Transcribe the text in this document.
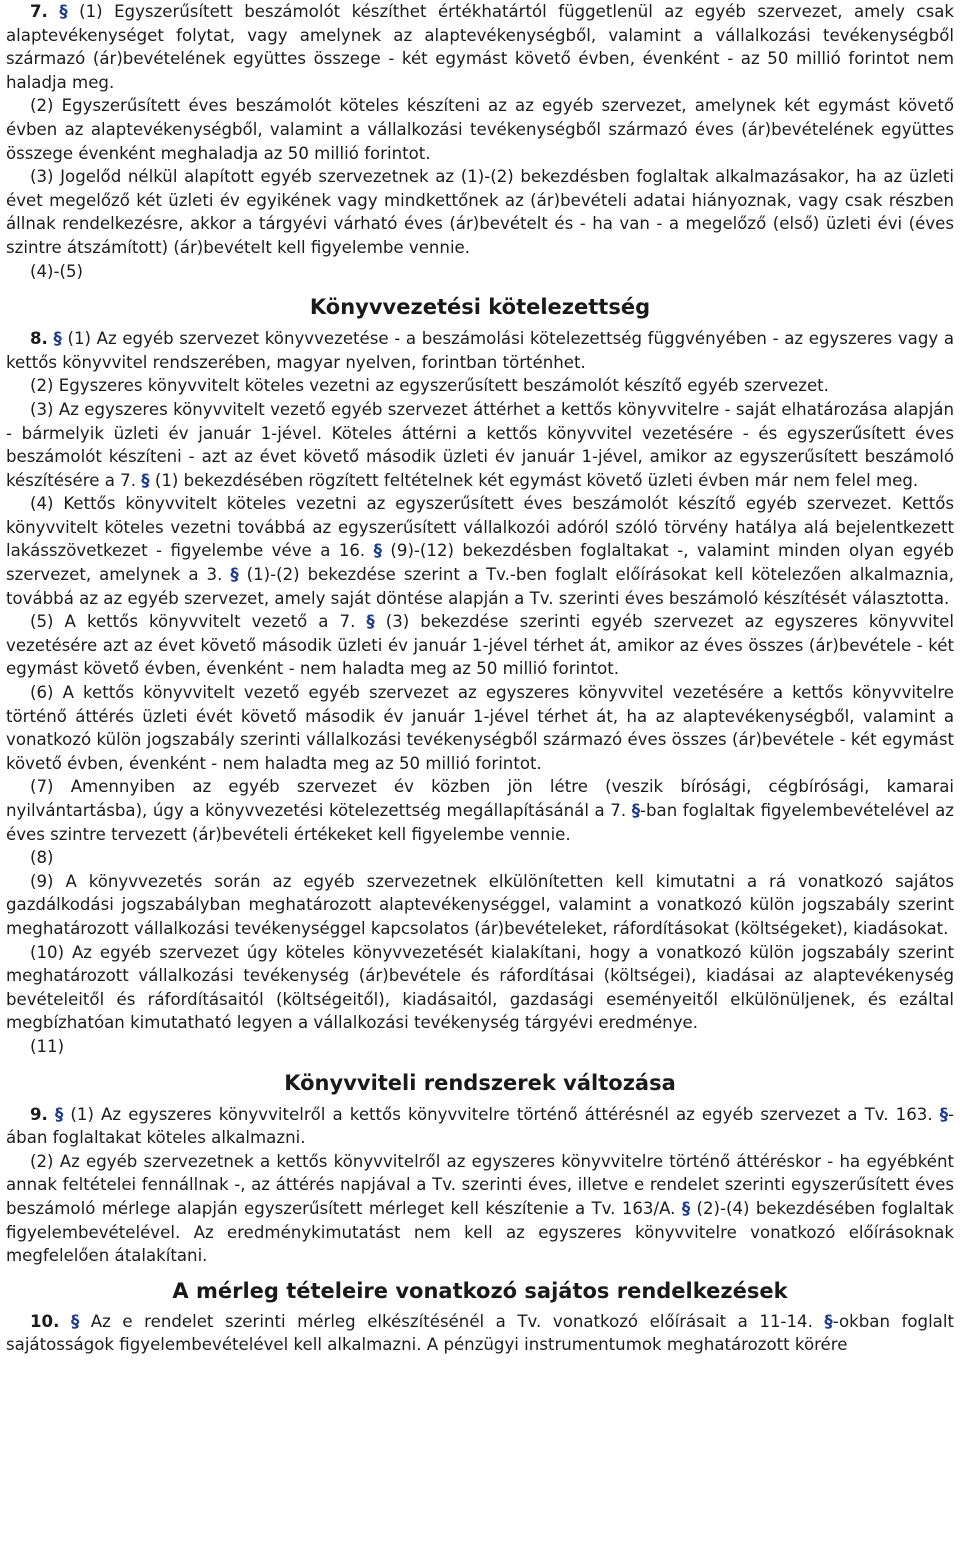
7. § (1) Egyszerűsített beszámolót készíthet értékhatártól függetlenül az egyéb szervezet, amely csak alaptevékenységet folytat, vagy amelynek az alaptevékenységből, valamint a vállalkozási tevékenységből származó (ár)bevételének együttes összege - két egymást követő évben, évenként - az 50 millió forintot nem haladja meg.

(2) Egyszerűsített éves beszámolót köteles készíteni az az egyéb szervezet, amelynek két egymást követő évben az alaptevékenységből, valamint a vállalkozási tevékenységből származó éves (ár)bevételének együttes összege évenként meghaladja az 50 millió forintot.

(3) Jogelőd nélkül alapított egyéb szervezetnek az (1)-(2) bekezdésben foglaltak alkalmazásakor, ha az üzleti évet megelőző két üzleti év egyikének vagy mindkettőnek az (ár)bevételi adatai hiányoznak, vagy csak részben állnak rendelkezésre, akkor a tárgyévi várható éves (ár)bevételt és - ha van - a megelőző (első) üzleti évi (éves szintre átszámított) (ár)bevételt kell figyelembe vennie.

(4)-(5)

Könyvvezetési kötelezettség

8. § (1) Az egyéb szervezet könyvvezetése - a beszámolási kötelezettség függvényében - az egyszeres vagy a kettős könyvvitel rendszerében, magyar nyelven, forintban történhet.

(2) Egyszeres könyvvitelt köteles vezetni az egyszerűsített beszámolót készítő egyéb szervezet.

(3) Az egyszeres könyvvitelt vezető egyéb szervezet áttérhet a kettős könyvvitelre - saját elhatározása alapján - bármelyik üzleti év január 1-jével. Köteles áttérni a kettős könyvvitel vezetésére - és egyszerűsített éves beszámolót készíteni - azt az évet követő második üzleti év január 1-jével, amikor az egyszerűsített beszámoló készítésére a 7. § (1) bekezdésében rögzített feltételnek két egymást követő üzleti évben már nem felel meg.

(4) Kettős könyvvitelt köteles vezetni az egyszerűsített éves beszámolót készítő egyéb szervezet. Kettős könyvvitelt köteles vezetni továbbá az egyszerűsített vállalkozói adóról szóló törvény hatálya alá bejelentkezett lakásszövetkezet - figyelembe véve a 16. § (9)-(12) bekezdésben foglaltakat -, valamint minden olyan egyéb szervezet, amelynek a 3. § (1)-(2) bekezdése szerint a Tv.-ben foglalt előírásokat kell kötelezően alkalmaznia, továbbá az az egyéb szervezet, amely saját döntése alapján a Tv. szerinti éves beszámoló készítését választotta.

(5) A kettős könyvvitelt vezető a 7. § (3) bekezdése szerinti egyéb szervezet az egyszeres könyvvitel vezetésére azt az évet követő második üzleti év január 1-jével térhet át, amikor az éves összes (ár)bevétele - két egymást követő évben, évenként - nem haladta meg az 50 millió forintot.

(6) A kettős könyvvitelt vezető egyéb szervezet az egyszeres könyvvitel vezetésére a kettős könyvvitelre történő áttérés üzleti évét követő második év január 1-jével térhet át, ha az alaptevékenységből, valamint a vonatkozó külön jogszabály szerinti vállalkozási tevékenységből származó éves összes (ár)bevétele - két egymást követő évben, évenként - nem haladta meg az 50 millió forintot.

(7) Amennyiben az egyéb szervezet év közben jön létre (veszik bírósági, cégbírósági, kamarai nyilvántartásba), úgy a könyvvezetési kötelezettség megállapításánál a 7. §-ban foglaltak figyelembevételével az éves szintre tervezett (ár)bevételi értékeket kell figyelembe vennie.

(8)

(9) A könyvvezetés során az egyéb szervezetnek elkülönítetten kell kimutatni a rá vonatkozó sajátos gazdálkodási jogszabályban meghatározott alaptevékenységgel, valamint a vonatkozó külön jogszabály szerint meghatározott vállalkozási tevékenységgel kapcsolatos (ár)bevételeket, ráfordításokat (költségeket), kiadásokat.

(10) Az egyéb szervezet úgy köteles könyvvezetését kialakítani, hogy a vonatkozó külön jogszabály szerint meghatározott vállalkozási tevékenység (ár)bevétele és ráfordításai (költségei), kiadásai az alaptevékenység bevételeitől és ráfordításaitól (költségeitől), kiadásaitól, gazdasági eseményeitől elkülönüljenek, és ezáltal megbízhatóan kimutatható legyen a vállalkozási tevékenység tárgyévi eredménye.

(11)

Könyvviteli rendszerek változása

9. § (1) Az egyszeres könyvvitelről a kettős könyvvitelre történő áttérésnél az egyéb szervezet a Tv. 163. §-ában foglaltakat köteles alkalmazni.

(2) Az egyéb szervezetnek a kettős könyvvitelről az egyszeres könyvvitelre történő áttéréskor - ha egyébként annak feltételei fennállnak -, az áttérés napjával a Tv. szerinti éves, illetve e rendelet szerinti egyszerűsített éves beszámoló mérlege alapján egyszerűsített mérleget kell készítenie a Tv. 163/A. § (2)-(4) bekezdésében foglaltak figyelembevételével. Az eredménykimutatást nem kell az egyszeres könyvvitelre vonatkozó előírásoknak megfelelően átalakítani.

A mérleg tételeire vonatkozó sajátos rendelkezések

10. § Az e rendelet szerinti mérleg elkészítésénél a Tv. vonatkozó előírásait a 11-14. §-okban foglalt sajátosságok figyelembevételével kell alkalmazni. A pénzügyi instrumentumok meghatározott körére
